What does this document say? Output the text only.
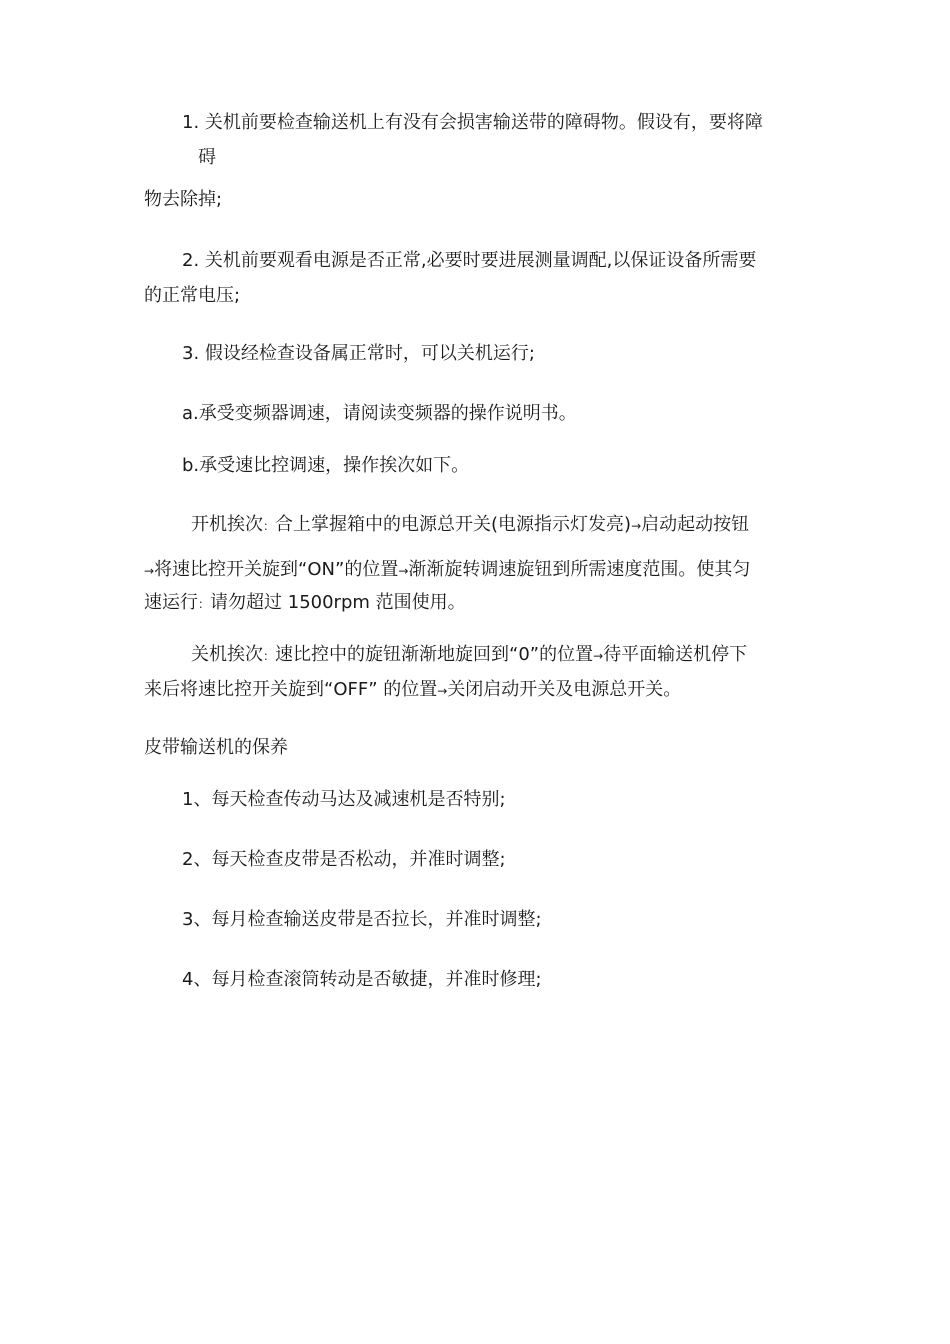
1. 关机前要检查输送机上有没有会损害输送带的障碍物。假设有，要将障
碍
物去除掉;
2. 关机前要观看电源是否正常,必要时要进展测量调配,以保证设备所需要
的正常电压;
3. 假设经检查设备属正常时，可以关机运行;
a.承受变频器调速，请阅读变频器的操作说明书。
b.承受速比控调速，操作挨次如下。
开机挨次：合上掌握箱中的电源总开关(电源指示灯发亮)→启动起动按钮
→将速比控开关旋到“ON”的位置→渐渐旋转调速旋钮到所需速度范围。使其匀
速运行：请勿超过 1500rpm 范围使用。
关机挨次：速比控中的旋钮渐渐地旋回到“0”的位置→待平面输送机停下
来后将速比控开关旋到“OFF” 的位置→关闭启动开关及电源总开关。
皮带输送机的保养
1、每天检查传动马达及减速机是否特别;
2、每天检查皮带是否松动，并准时调整;
3、每月检查输送皮带是否拉长，并准时调整;
4、每月检查滚筒转动是否敏捷，并准时修理;
